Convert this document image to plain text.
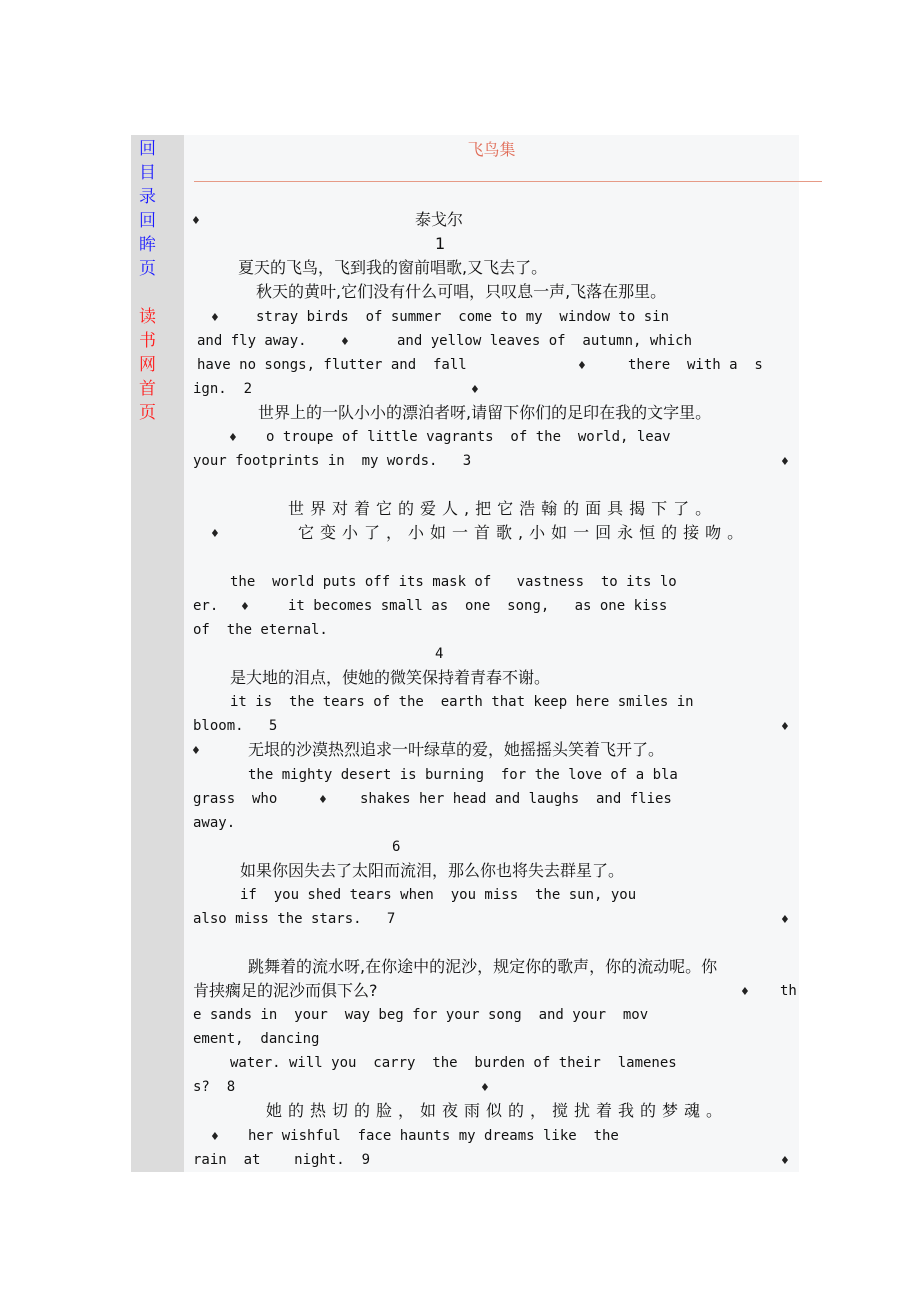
回
目
录
回
眸
页
读
书
网
首
页
飞鸟集
♦	泰戈尔
1
夏天的飞鸟，飞到我的窗前唱歌,又飞去了。
秋天的黄叶,它们没有什么可唱，只叹息一声,飞落在那里。
♦	stray birds  of summer  come to my  window to sin
and fly away.	♦	and yellow leaves of  autumn, which
have no songs, flutter and  fall	♦	there  with a  s
ign.  2	♦
世界上的一队小小的漂泊者呀,请留下你们的足印在我的文字里。
♦ o troupe of little vagrants  of the  world, leav
your footprints in  my words.   3	♦
世界对着它的爱人,把它浩翰的面具揭下了。
♦	它变小了，小如一首歌,小如一回永恒的接吻。
the  world puts off its mask of   vastness  to its lo
er. ♦	it becomes small as  one  song,   as one kiss
of  the eternal.
4
是大地的泪点，使她的微笑保持着青春不谢。
it is  the tears of the  earth that keep here smiles in
bloom.   5	♦
♦	无垠的沙漠热烈追求一叶绿草的爱，她摇摇头笑着飞开了。
the mighty desert is burning  for the love of a bla
grass  who	♦ shakes her head and laughs  and flies
away.
6
如果你因失去了太阳而流泪，那么你也将失去群星了。
if  you shed tears when  you miss  the sun, you
also miss the stars.   7	♦
跳舞着的流水呀,在你途中的泥沙，规定你的歌声，你的流动呢。你
肯挟瘸足的泥沙而俱下么?	♦ th
e sands in  your  way beg for your song  and your  mov
ement,  dancing
water. will you  carry  the  burden of their  lamenes
s?  8	♦
她的热切的脸，如夜雨似的，搅扰着我的梦魂。
♦ her wishful  face haunts my dreams like  the
rain  at    night.  9	♦
